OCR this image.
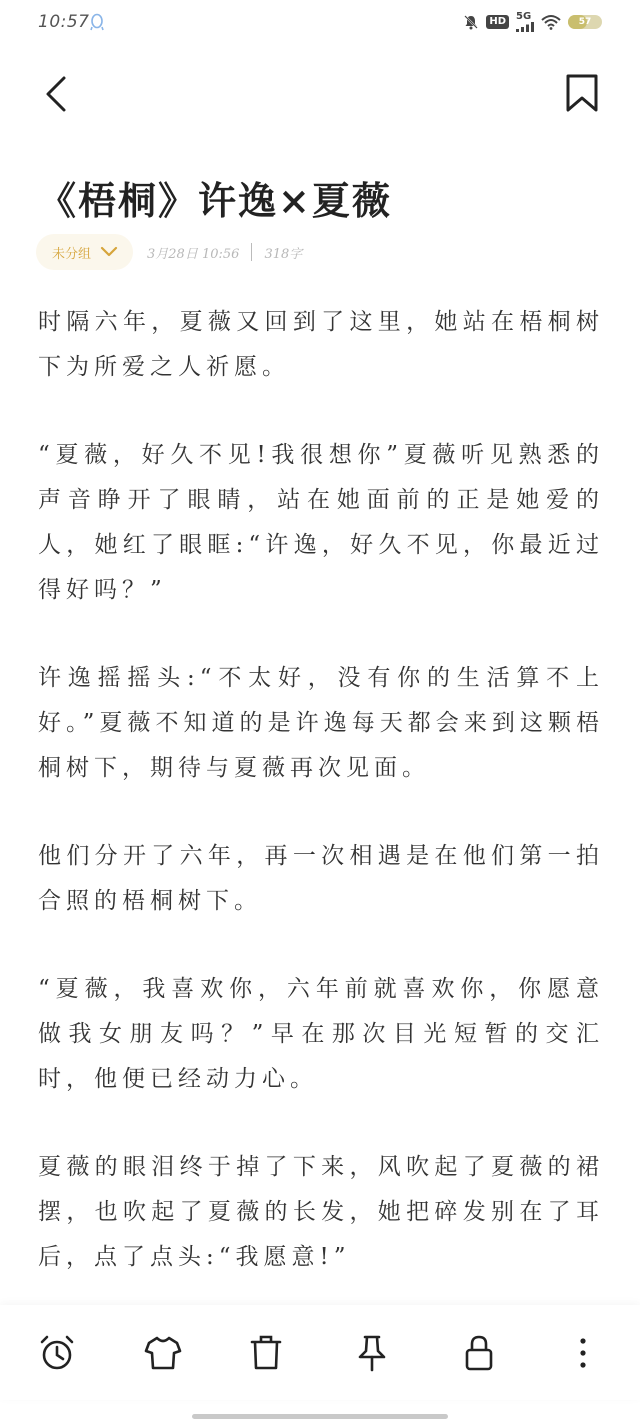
10:57	HD	5G	57
《梧桐》许逸×夏薇
未分组	3月28日 10:56 318字

时隔六年，夏薇又回到了这里，她站在梧桐树下为所爱之人祈愿。

“夏薇，好久不见!我很想你”夏薇听见熟悉的声音睁开了眼睛，站在她面前的正是她爱的人，她红了眼眶:“许逸，好久不见，你最近过得好吗？”

许逸摇摇头:“不太好，没有你的生活算不上好。”夏薇不知道的是许逸每天都会来到这颗梧桐树下，期待与夏薇再次见面。

他们分开了六年，再一次相遇是在他们第一拍合照的梧桐树下。

“夏薇，我喜欢你，六年前就喜欢你，你愿意做我女朋友吗？”早在那次目光短暂的交汇时，他便已经动力心。

夏薇的眼泪终于掉了下来，风吹起了夏薇的裙摆，也吹起了夏薇的长发，她把碎发别在了耳后，点了点头:“我愿意!”
